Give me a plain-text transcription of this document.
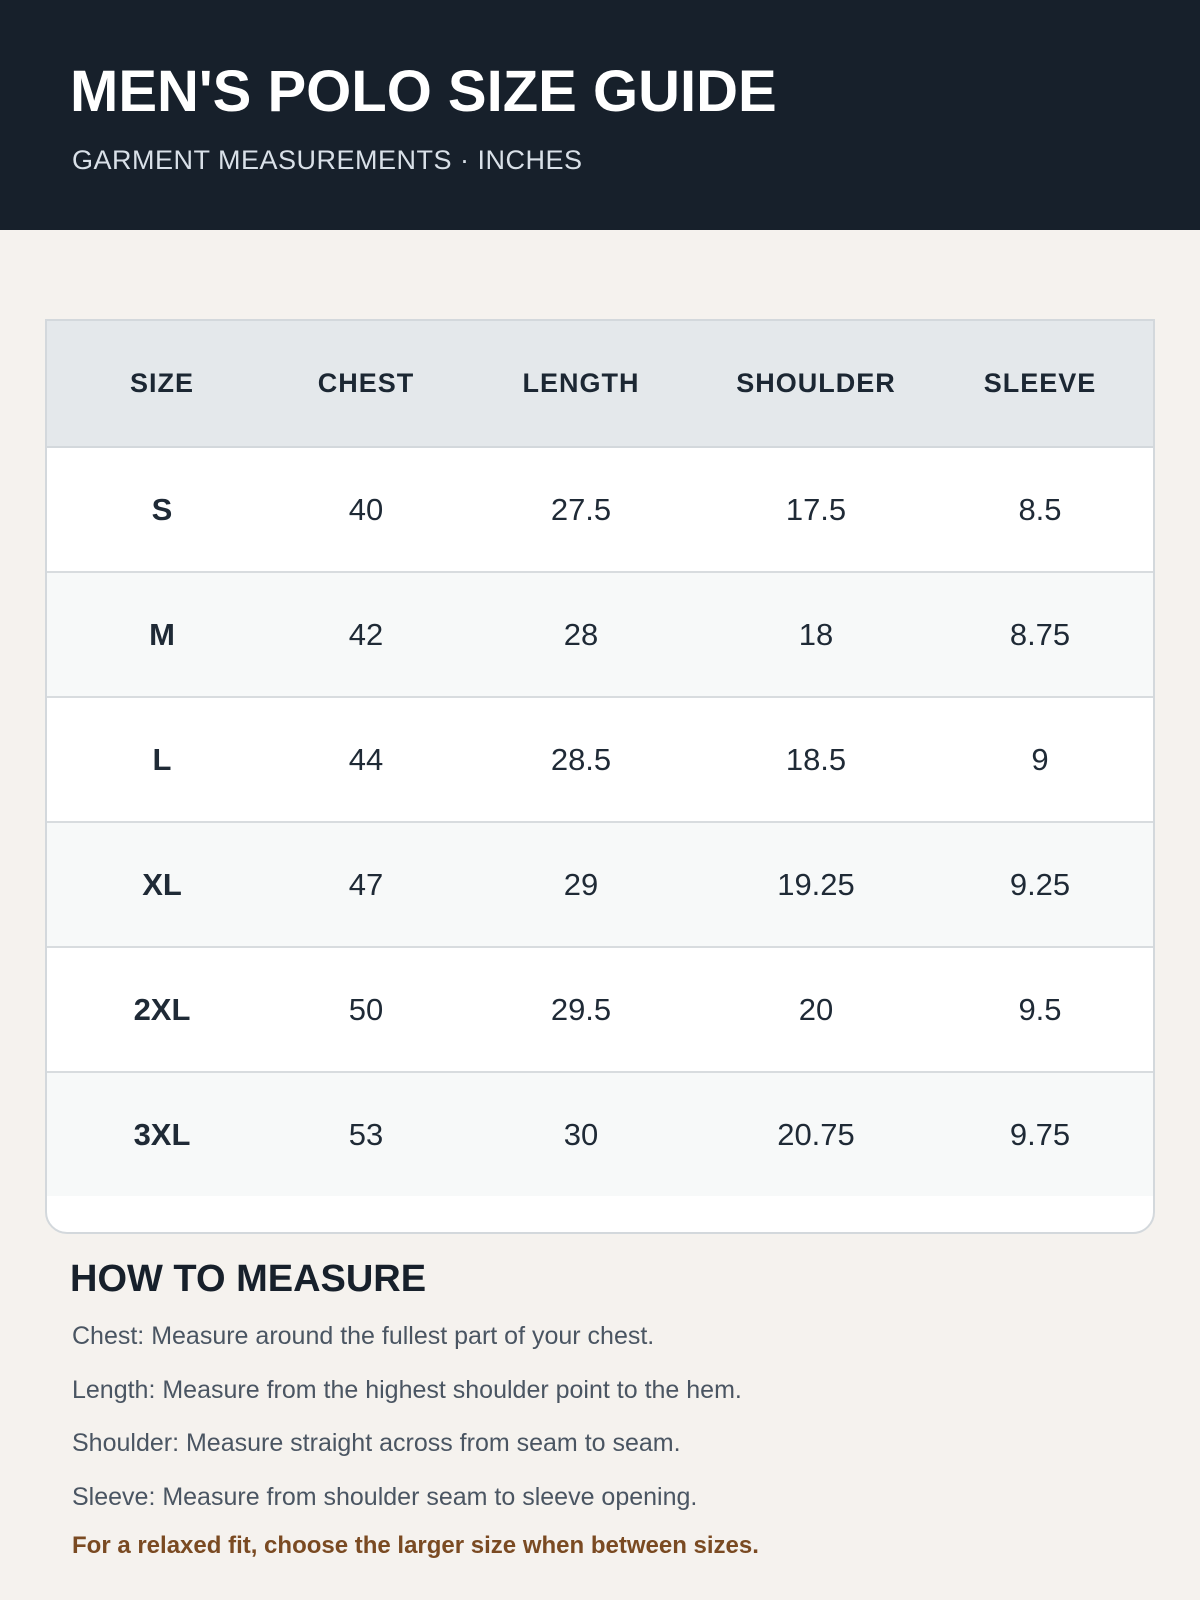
MEN'S POLO SIZE GUIDE
GARMENT MEASUREMENTS · INCHES
SIZE	CHEST	LENGTH	SHOULDER	SLEEVE
S	40	27.5	17.5	8.5
M	42	28	18	8.75
L	44	28.5	18.5	9
XL	47	29	19.25	9.25
2XL	50	29.5	20	9.5
3XL	53	30	20.75	9.75
HOW TO MEASURE

Chest: Measure around the fullest part of your chest.

Length: Measure from the highest shoulder point to the hem.

Shoulder: Measure straight across from seam to seam.

Sleeve: Measure from shoulder seam to sleeve opening.

For a relaxed fit, choose the larger size when between sizes.
